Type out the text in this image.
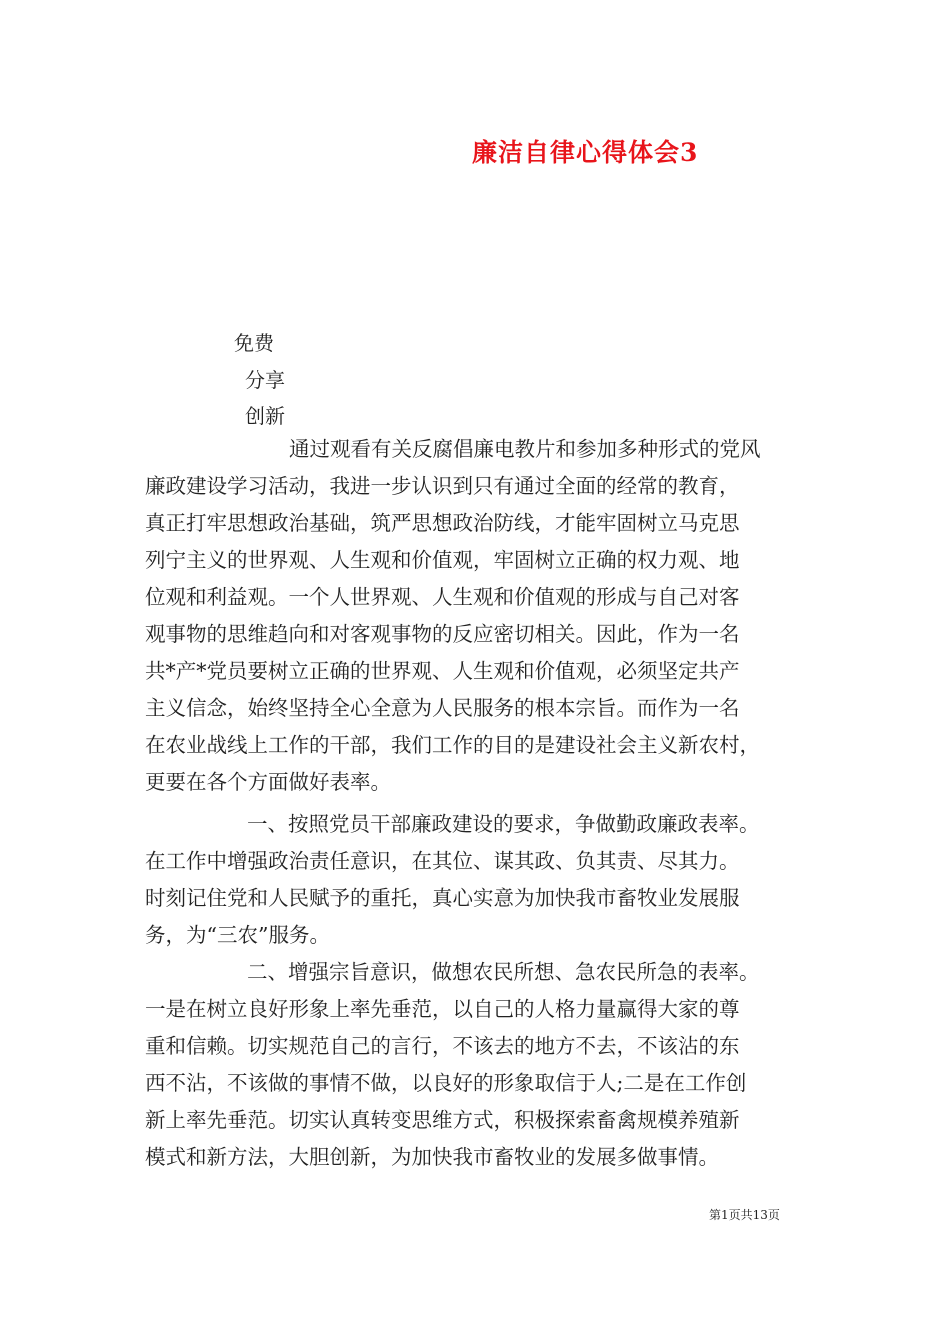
廉洁自律心得体会3
免费
分享
创新
通过观看有关反腐倡廉电教片和参加多种形式的党风
廉政建设学习活动，我进一步认识到只有通过全面的经常的教育，
真正打牢思想政治基础，筑严思想政治防线，才能牢固树立马克思
列宁主义的世界观、人生观和价值观，牢固树立正确的权力观、地
位观和利益观。一个人世界观、人生观和价值观的形成与自己对客
观事物的思维趋向和对客观事物的反应密切相关。因此，作为一名
共*产*党员要树立正确的世界观、人生观和价值观，必须坚定共产
主义信念，始终坚持全心全意为人民服务的根本宗旨。而作为一名
在农业战线上工作的干部，我们工作的目的是建设社会主义新农村，
更要在各个方面做好表率。
一、按照党员干部廉政建设的要求，争做勤政廉政表率。
在工作中增强政治责任意识，在其位、谋其政、负其责、尽其力。
时刻记住党和人民赋予的重托，真心实意为加快我市畜牧业发展服
务，为“三农”服务。
二、增强宗旨意识，做想农民所想、急农民所急的表率。
一是在树立良好形象上率先垂范，以自己的人格力量赢得大家的尊
重和信赖。切实规范自己的言行，不该去的地方不去，不该沾的东
西不沾，不该做的事情不做，以良好的形象取信于人;二是在工作创
新上率先垂范。切实认真转变思维方式，积极探索畜禽规模养殖新
模式和新方法，大胆创新，为加快我市畜牧业的发展多做事情。
第1页共13页
